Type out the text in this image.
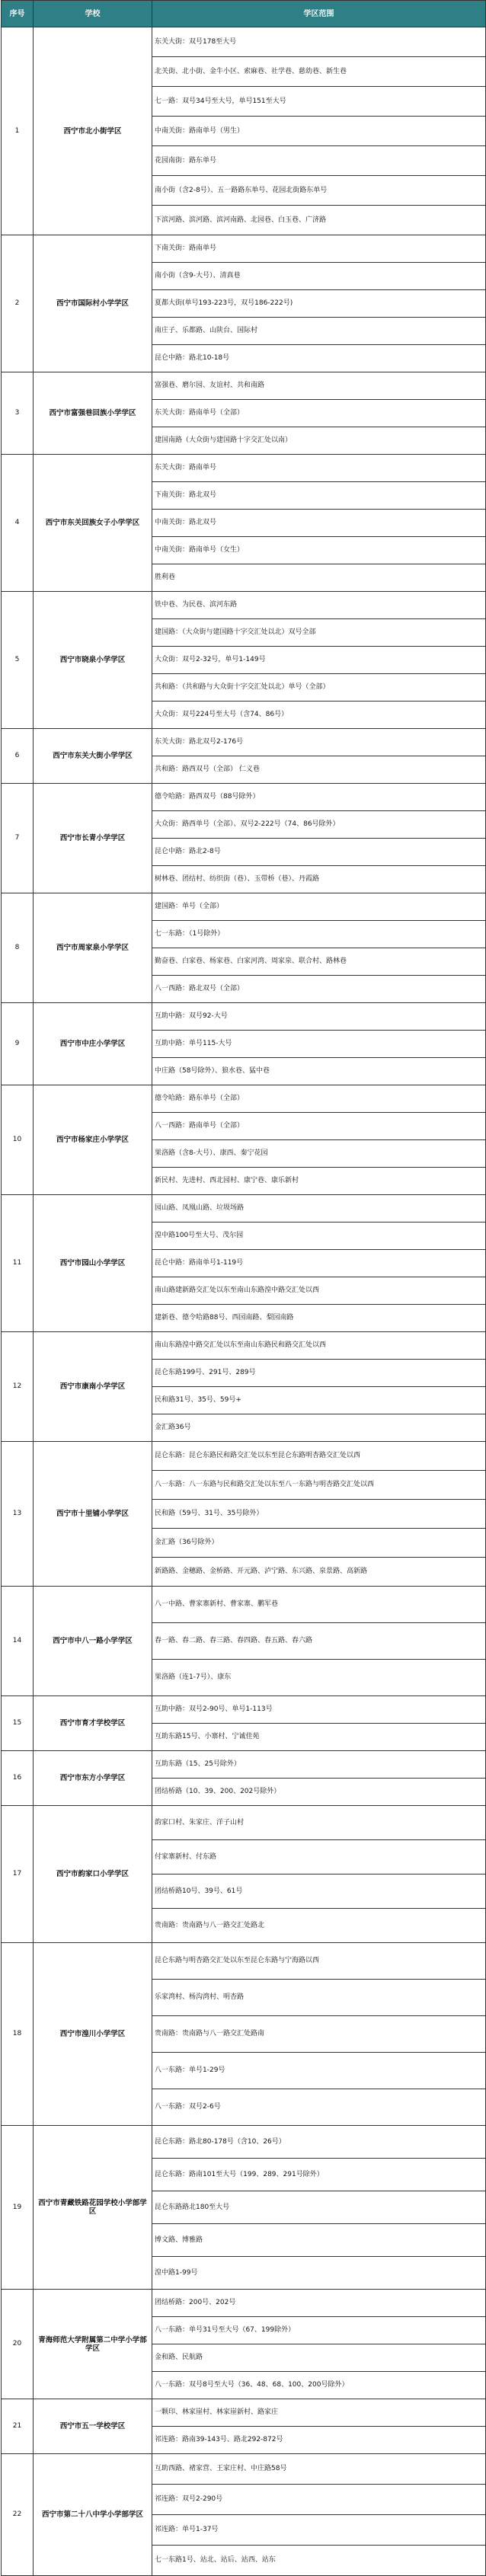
序号	学校	学区范围
1	西宁市北小街学区	东关大街：双号178至大号
		北关街、北小街、金牛小区、索麻巷、社学巷、慈幼巷、新生巷
		七一路：双号34号至大号，单号151至大号
		中南关街：路南单号（男生）
		花园南街：路东单号
		南小街（含2-8号）、五一路路东单号、花园北街路东单号
		下滨河路、滨河路、滨河南路、北园巷、白玉巷、广济路
2	西宁市国际村小学学区	下南关街：路南单号
		南小街（含9-大号）、清真巷
		夏都大街(单号193-223号，双号186-222号)
		南庄子、乐都路、山陕台、国际村
		昆仑中路：路北10-18号
3	西宁市富强巷回族小学学区	富强巷、磨尔园、友谊村、共和南路
		东关大街：路南单号（全部）
		建国南路（大众街与建国路十字交汇处以南）
4	西宁市东关回族女子小学学区	东关大街：路南单号
		下南关街：路北双号
		中南关街：路北双号
		中南关街：路南单号（女生）
		胜利巷
5	西宁市晓泉小学学区	铁中巷、为民巷、滨河东路
		建国路：（大众街与建国路十字交汇处以北）双号全部
		大众街：双号2-32号，单号1-149号
		共和路：（共和路与大众街十字交汇处以北）单号（全部）
		大众街：双号224号至大号（含74、86号）
6	西宁市东关大街小学学区	东关大街：路北双号2-176号
		共和路：路西双号（全部） 仁义巷
7	西宁市长青小学学区	德令哈路：路西双号（88号除外）
		大众街：路西单号（全部）、双号2-222号（74、86号除外）
		昆仑中路：路北2-8号
		树林巷、团结村、纺织街（巷）、玉带桥（巷）、丹霞路
8	西宁市周家泉小学学区	建国路：单号（全部）
		七一东路：（1号除外）
		勤奋巷、白家巷、杨家巷、白家河湾、周家泉、联合村、路林巷
		八一西路：路北双号（全部）
9	西宁市中庄小学学区	互助中路：双号92-大号
		互助中路：单号115-大号
		中庄路（58号除外）、狼水巷、猛中巷
10	西宁市杨家庄小学学区	德令哈路：路东单号（全部）
		八一西路：路南单号（全部）
		果洛路（含8-大号）、康西、秦宁花园
		新民村、先进村、西北园村、康宁巷、康乐新村
11	西宁市园山小学学区	园山路、凤凰山路、垃圾场路
		湟中路100号至大号、茂尔园
		昆仑中路：路南单号1-119号
		南山路建新路交汇处以东至南山东路湟中路交汇处以西
		建新巷、德令哈路88号、西园南路、梨园南路
12	西宁市康南小学学区	南山东路湟中路交汇处以东至南山东路民和路交汇处以西
		昆仑东路199号、291号、289号
		民和路31号、35号、59号+
		金汇路36号
13	西宁市十里铺小学学区	昆仑东路：昆仑东路民和路交汇处以东至昆仑东路明杏路交汇处以西
		八一东路：八一东路与民和路交汇处以东至八一东路与明杏路交汇处以西
		民和路（59号、31号、35号除外）
		金汇路（36号除外）
		新路路、金穗路、金桥路、开元路、泸宁路、东兴路、泉景路、高新路
14	西宁市中八一路小学学区	八一中路、曹家寨新村、曹家寨、鹏军巷
		春一路、春二路、春三路、春四路、春五路、春六路
		果洛路（连1-7号）、康东
15	西宁市育才学校学区	互助中路：双号2-90号、单号1-113号
		互助东路15号、小寨村、宁诚佳苑
16	西宁市东方小学学区	互助东路（15、25号除外）
		团结桥路（10、39、200、202号除外）
17	西宁市韵家口小学学区	韵家口村、朱家庄、洋子山村
		付家寨新村、付东路
		团结桥路10号、39号、61号
		贵南路：贵南路与八一路交汇处路北
18	西宁市湟川小学学区	昆仑东路与明杏路交汇处以东至昆仑东路与宁海路以西
		乐家湾村、杨沟湾村、明杏路
		贵南路：贵南路与八一路交汇处路南
		八一东路：单号1-29号
		八一东路：双号2-6号
19	西宁市青藏铁路花园学校小学部学区	昆仑东路：路北80-178号（含10、26号）
		昆仑东路：路南101至大号（199、289、291号除外）
		昆仑东路路北180至大号
		博文路、博雅路
		湟中路1-99号
20	青海师范大学附属第二中学小学部学区	团结桥路：200号、202号
		八一东路：单号31号至大号（67、199除外）
		金和路、民航路
		八一东路：双号8号至大号（36、48、68、100、200号除外）
21	西宁市五一学校学区	一颗印、林家崖村、林家崖新村、路家庄
		祁连路：路南39-143号、路北292-872号
22	西宁市第二十八中学小学部学区	互助西路、褚家营、王家庄村、中庄路58号
		祁连路：双号2-290号
		祁连路：单号1-37号
		七一东路1号、站北、站后、站西、站东
